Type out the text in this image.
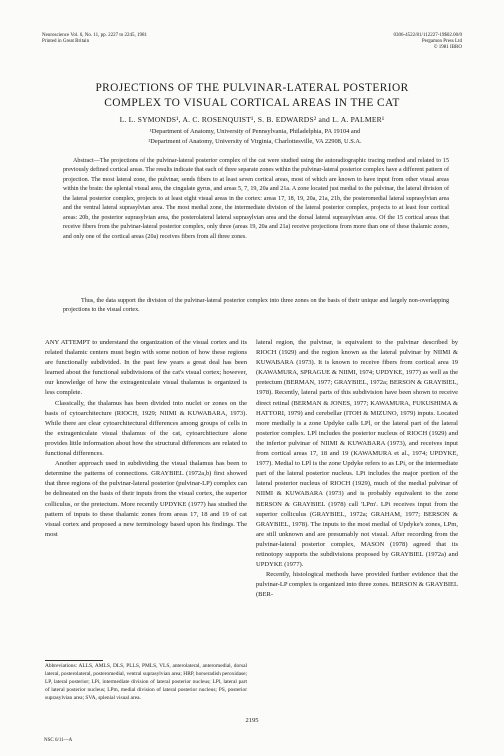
Neuroscience Vol. 6, No. 11, pp. 2227 to 2245, 1981
Printed in Great Britain
0306-4522/81/112227-19$02.00/0
Pergamon Press Ltd
© 1981 IBRO
PROJECTIONS OF THE PULVINAR-LATERAL POSTERIOR
COMPLEX TO VISUAL CORTICAL AREAS IN THE CAT
L. L. SYMONDS¹, A. C. ROSENQUIST¹, S. B. EDWARDS² and L. A. PALMER¹
¹Department of Anatomy, University of Pennsylvania, Philadelphia, PA 19104 and
²Department of Anatomy, University of Virginia, Charlottesville, VA 22908, U.S.A.
Abstract—The projections of the pulvinar-lateral posterior complex of the cat were studied using the autoradiographic tracing method and related to 15 previously defined cortical areas. The results indicate that each of three separate zones within the pulvinar-lateral posterior complex have a different pattern of projection. The most lateral zone, the pulvinar, sends fibers to at least seven cortical areas, most of which are known to have input from other visual areas within the brain: the splenial visual area, the cingulate gyrus, and areas 5, 7, 19, 20a and 21a. A zone located just medial to the pulvinar, the lateral division of the lateral posterior complex, projects to at least eight visual areas in the cortex: areas 17, 18, 19, 20a, 21a, 21b, the posteromedial lateral suprasylvian area and the ventral lateral suprasylvian area. The most medial zone, the intermediate division of the lateral posterior complex, projects to at least four cortical areas: 20b, the posterior suprasylvian area, the posterolateral lateral suprasylvian area and the dorsal lateral suprasylvian area. Of the 15 cortical areas that receive fibers from the pulvinar-lateral posterior complex, only three (areas 19, 20a and 21a) receive projections from more than one of these thalamic zones, and only one of the cortical areas (20a) receives fibers from all three zones.
Thus, the data support the division of the pulvinar-lateral posterior complex into three zones on the basis of their unique and largely non-overlapping projections to the visual cortex.

ANY ATTEMPT to understand the organization of the visual cortex and its related thalamic centers must begin with some notion of how these regions are functionally subdivided. In the past few years a great deal has been learned about the functional subdivisions of the cat's visual cortex; however, our knowledge of how the extrageniculate visual thalamus is organized is less complete.

Classically, the thalamus has been divided into nuclei or zones on the basis of cytoarchitecture (RIOCH, 1929; NIIMI & KUWABARA, 1973). While there are clear cytoarchitectural differences among groups of cells in the extrageniculate visual thalamus of the cat, cytoarchitecture alone provides little information about how the structural differences are related to functional differences.

Another approach used in subdividing the visual thalamus has been to determine the patterns of connections. GRAYBIEL (1972a,b) first showed that three regions of the pulvinar-lateral posterior (pulvinar-LP) complex can be delineated on the basis of their inputs from the visual cortex, the superior colliculus, or the pretectum. More recently UPDYKE (1977) has studied the pattern of inputs to these thalamic zones from areas 17, 18 and 19 of cat visual cortex and proposed a new terminology based upon his findings. The most

lateral region, the pulvinar, is equivalent to the pulvinar described by RIOCH (1929) and the region known as the lateral pulvinar by NIIMI & KUWABARA (1973). It is known to receive fibers from cortical area 19 (KAWAMURA, SPRAGUE & NIIMI, 1974; UPDYKE, 1977) as well as the pretectum (BERMAN, 1977; GRAYBIEL, 1972a; BERSON & GRAYBIEL, 1978). Recently, lateral parts of this subdivision have been shown to receive direct retinal (BERMAN & JONES, 1977; KAWAMURA, FUKUSHIMA & HATTORI, 1979) and cerebellar (ITOH & MIZUNO, 1979) inputs. Located more medially is a zone Updyke calls LPl, or the lateral part of the lateral posterior complex. LPl includes the posterior nucleus of RIOCH (1929) and the inferior pulvinar of NIIMI & KUWABARA (1973), and receives input from cortical areas 17, 18 and 19 (KAWAMURA et al., 1974; UPDYKE, 1977). Medial to LPl is the zone Updyke refers to as LPi, or the intermediate part of the lateral posterior nucleus. LPi includes the major portion of the lateral posterior nucleus of RIOCH (1929), much of the medial pulvinar of NIIMI & KUWABARA (1973) and is probably equivalent to the zone BERSON & GRAYBIEL (1978) call 'LPm'. LPi receives input from the superior colliculus (GRAYBIEL, 1972a; GRAHAM, 1977; BERSON & GRAYBIEL, 1978). The inputs to the most medial of Updyke's zones, LPm, are still unknown and are presumably not visual. After recording from the pulvinar-lateral posterior complex, MASON (1978) agreed that its retinotopy supports the subdivisions proposed by GRAYBIEL (1972a) and UPDYKE (1977).

Recently, histological methods have provided further evidence that the pulvinar-LP complex is organized into three zones. BERSON & GRAYBIEL (BER-

Abbreviations: ALLS, AMLS, DLS, PLLS, PMLS, VLS, anterolateral, anteromedial, dorsal lateral, posterolateral, posteromedial, ventral suprasylvian area; HRP, horseradish peroxidase; LP, lateral posterior; LPi, intermediate division of lateral posterior nucleus; LPl, lateral part of lateral posterior nucleus; LPm, medial division of lateral posterior nucleus; PS, posterior suprasylvian area; SVA, splenial visual area.
2195
NSC 6/11—A
